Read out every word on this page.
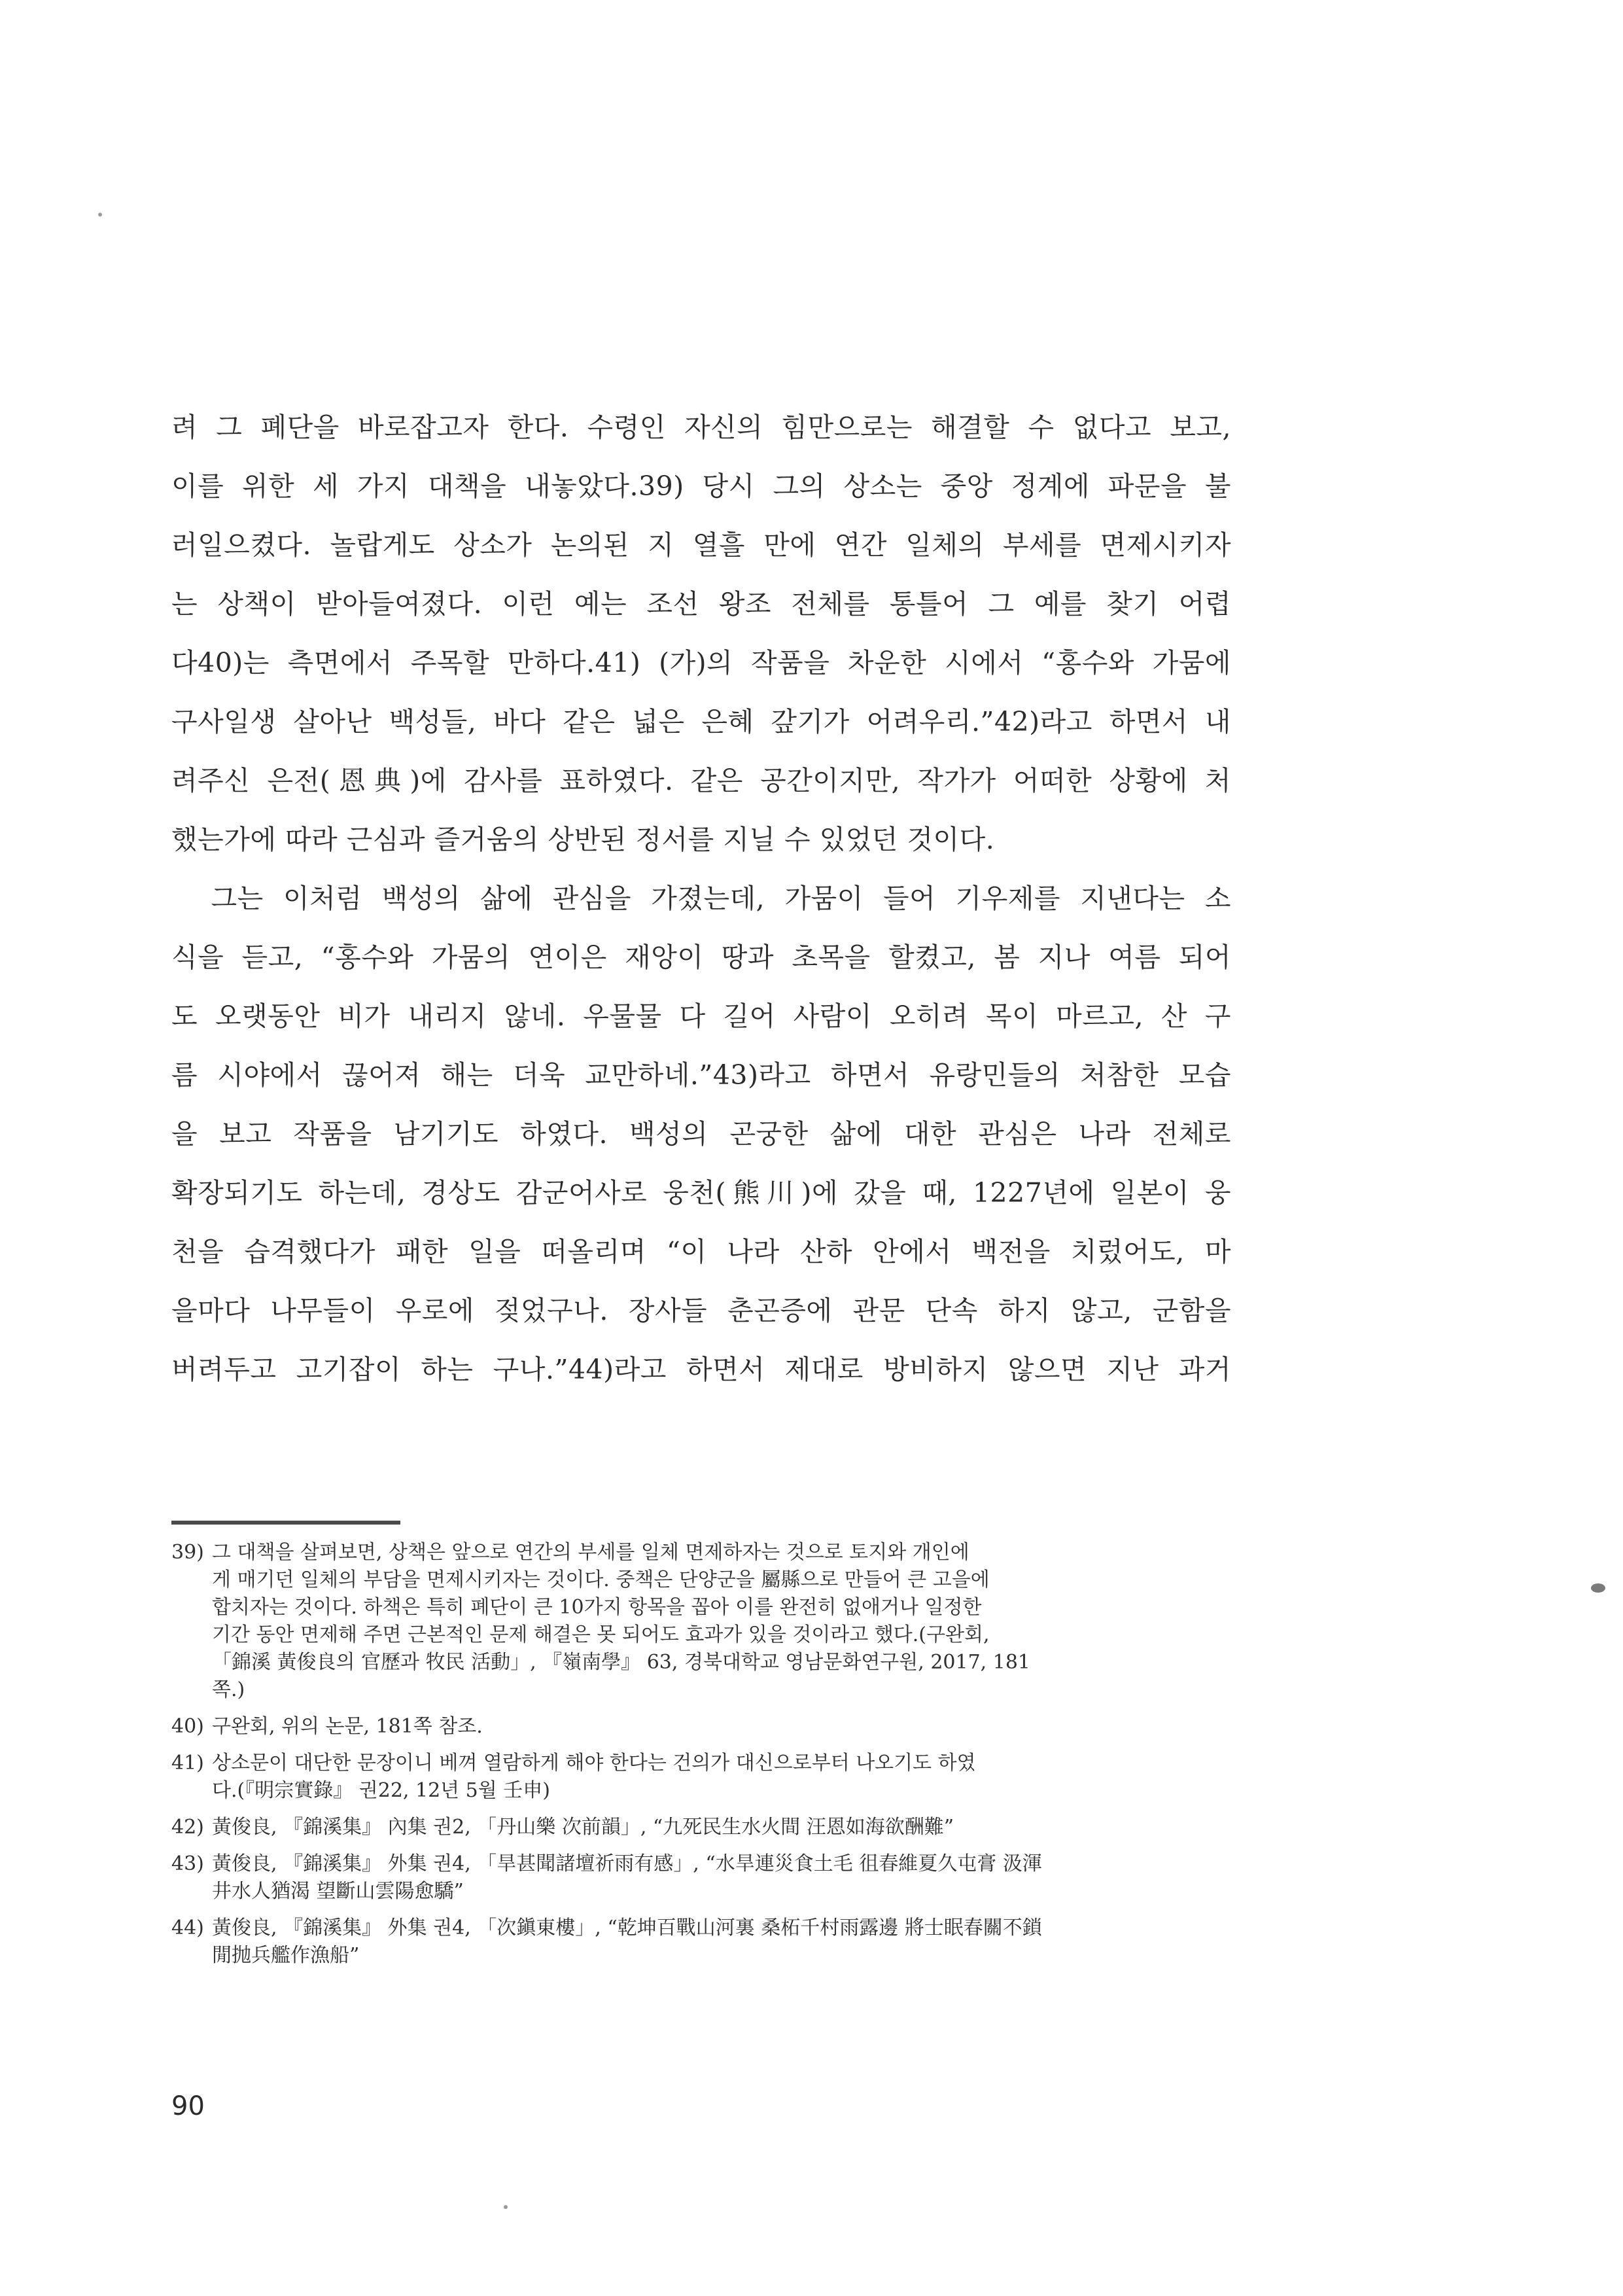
려 그 폐단을 바로잡고자 한다. 수령인 자신의 힘만으로는 해결할 수 없다고 보고,
이를 위한 세 가지 대책을 내놓았다.39) 당시 그의 상소는 중앙 정계에 파문을 불
러일으켰다. 놀랍게도 상소가 논의된 지 열흘 만에 연간 일체의 부세를 면제시키자
는 상책이 받아들여졌다. 이런 예는 조선 왕조 전체를 통틀어 그 예를 찾기 어렵
다40)는 측면에서 주목할 만하다.41) (가)의 작품을 차운한 시에서 “홍수와 가뭄에
구사일생 살아난 백성들, 바다 같은 넓은 은혜 갚기가 어려우리.”42)라고 하면서 내
려주신 은전(恩典)에 감사를 표하였다. 같은 공간이지만, 작가가 어떠한 상황에 처
했는가에 따라 근심과 즐거움의 상반된 정서를 지닐 수 있었던 것이다.
그는 이처럼 백성의 삶에 관심을 가졌는데, 가뭄이 들어 기우제를 지낸다는 소
식을 듣고, “홍수와 가뭄의 연이은 재앙이 땅과 초목을 할켰고, 봄 지나 여름 되어
도 오랫동안 비가 내리지 않네. 우물물 다 길어 사람이 오히려 목이 마르고, 산 구
름 시야에서 끊어져 해는 더욱 교만하네.”43)라고 하면서 유랑민들의 처참한 모습
을 보고 작품을 남기기도 하였다. 백성의 곤궁한 삶에 대한 관심은 나라 전체로
확장되기도 하는데, 경상도 감군어사로 웅천(熊川)에 갔을 때, 1227년에 일본이 웅
천을 습격했다가 패한 일을 떠올리며 “이 나라 산하 안에서 백전을 치렀어도, 마
을마다 나무들이 우로에 젖었구나. 장사들 춘곤증에 관문 단속 하지 않고, 군함을
버려두고 고기잡이 하는 구나.”44)라고 하면서 제대로 방비하지 않으면 지난 과거
39) 그 대책을 살펴보면, 상책은 앞으로 연간의 부세를 일체 면제하자는 것으로 토지와 개인에
게 매기던 일체의 부담을 면제시키자는 것이다. 중책은 단양군을 屬縣으로 만들어 큰 고을에
합치자는 것이다. 하책은 특히 폐단이 큰 10가지 항목을 꼽아 이를 완전히 없애거나 일정한
기간 동안 면제해 주면 근본적인 문제 해결은 못 되어도 효과가 있을 것이라고 했다.(구완회,
「錦溪 黃俊良의 官歷과 牧民 活動」, 『嶺南學』 63, 경북대학교 영남문화연구원, 2017, 181
쪽.)
40) 구완회, 위의 논문, 181쪽 참조.
41) 상소문이 대단한 문장이니 베껴 열람하게 해야 한다는 건의가 대신으로부터 나오기도 하였
다.(『明宗實錄』 권22, 12년 5월 壬申)
42) 黃俊良, 『錦溪集』 內集 권2, 「丹山樂 次前韻」, “九死民生水火間 汪恩如海欲酬難”
43) 黃俊良, 『錦溪集』 外集 권4, 「旱甚聞諸壇祈雨有感」, “水旱連災食土毛 徂春維夏久屯膏 汲渾
井水人猶渴 望斷山雲陽愈驕”
44) 黃俊良, 『錦溪集』 外集 권4, 「次鎭東樓」, “乾坤百戰山河裏 桑柘千村雨露邊 將士眠春關不鎖
閒抛兵艦作漁船”
90
